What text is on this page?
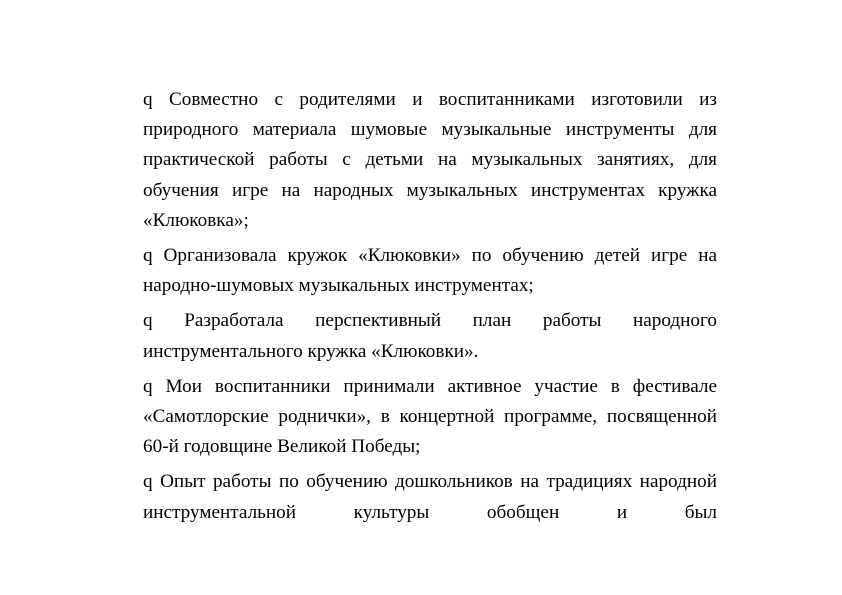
q Совместно с родителями и воспитанниками изготовили из природного материала шумовые музыкальные инструменты для практической работы с детьми на музыкальных занятиях, для обучения игре на народных музыкальных инструментах кружка «Клюковка»;

q Организовала кружок «Клюковки» по обучению детей игре на народно-шумовых музыкальных инструментах;

q Разработала перспективный план работы народного инструментального кружка «Клюковки».

q Мои воспитанники принимали активное участие в фестивале «Самотлорские роднички», в концертной программе, посвященной 60-й годовщине Великой Победы;

q Опыт работы по обучению дошкольников на традициях народной инструментальной культуры обобщен и был
